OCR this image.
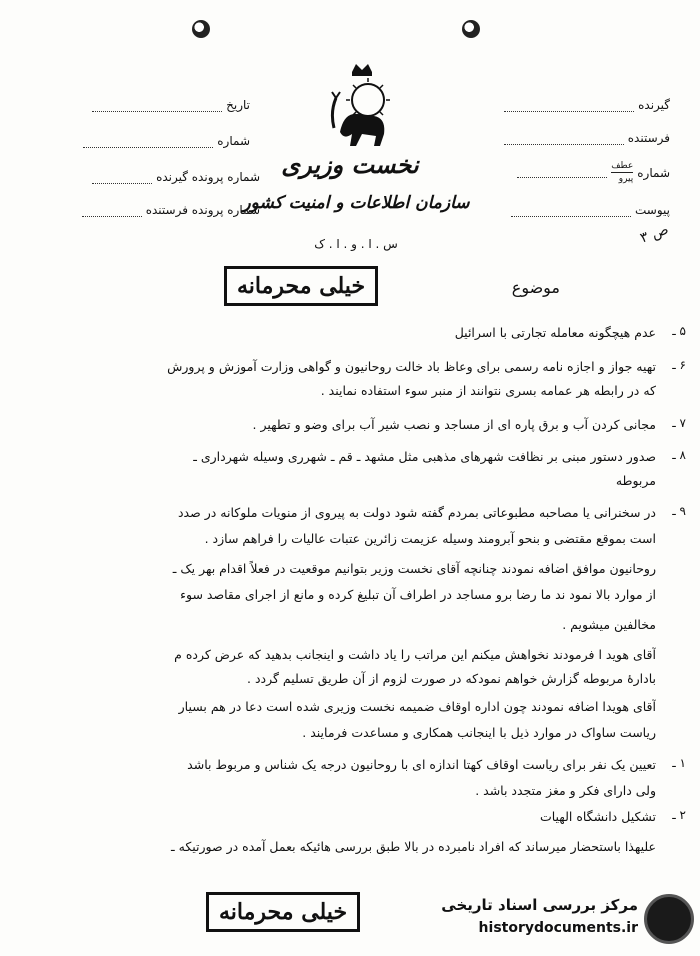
تاریخ
شماره
شماره پرونده گیرنده
شماره پرونده فرستنده
گیرنده
فرستنده
شماره
عطف
پیرو
پیوست
ص ۳
نخست وزیری
سازمان اطلاعات و امنیت کشور
س . ا . و . ا . ک
موضوع
خیلی محرمانه
۵ ـ
عدم هیچگونه معامله تجارتی با اسرائیل
۶ ـ
تهیه جواز و اجازه نامه رسمی برای وعاظ باد خالت روحانیون و گواهی وزارت آموزش و پرورش
که در رابطه هر عمامه بسری نتوانند از منبر سوء استفاده نمایند .
۷ ـ
مجانی کردن آب و برق پاره ای از مساجد و نصب شیر آب برای وضو و تطهیر .
۸ ـ
صدور دستور مبنی بر نظافت شهرهای مذهبی مثل مشهد ـ قم ـ شهرری وسیله شهرداری ـ
مربوطه
۹ ـ
در سخنرانی یا مصاحبه مطبوعاتی بمردم گفته شود دولت به پیروی از منویات ملوکانه در صدد
است بموقع مقتضی و بنحو آبرومند وسیله عزیمت زائرین عتبات عالیات را فراهم سازد .
روحانیون موافق اضافه نمودند چنانچه آقای نخست وزیر بتوانیم موقعیت در فعلاً اقدام بهر یک ـ
از موارد بالا نمود ند ما رضا برو مساجد در اطراف آن تبلیغ کرده و مانع از اجرای مقاصد سوء
مخالفین میشویم .
آقای هوید ا فرمودند نخواهش میکنم این مراتب را یاد داشت و اینجانب بدهید که عرض کرده م
بادارهٔ مربوطه گزارش خواهم نمودکه در صورت لزوم از آن طریق تسلیم گردد .
آقای هویدا اضافه نمودند چون اداره اوقاف ضمیمه نخست وزیری شده است دعا در هم بسیار
ریاست ساواک در موارد ذیل با اینجانب همکاری و مساعدت فرمایند .
۱ ـ
تعیین یک نفر برای ریاست اوقاف کهتا اندازه ای با روحانیون درجه یک شناس و مربوط باشد
ولی دارای فکر و مغز متجدد باشد .
۲ ـ
تشکیل دانشگاه الهیات
علیهذا باستحضار میرساند که افراد نامبرده در بالا طبق بررسی هائیکه بعمل آمده در صورتیکه ـ
خیلی محرمانه	مرکز بررسی اسناد تاریخی
historydocuments.ir
